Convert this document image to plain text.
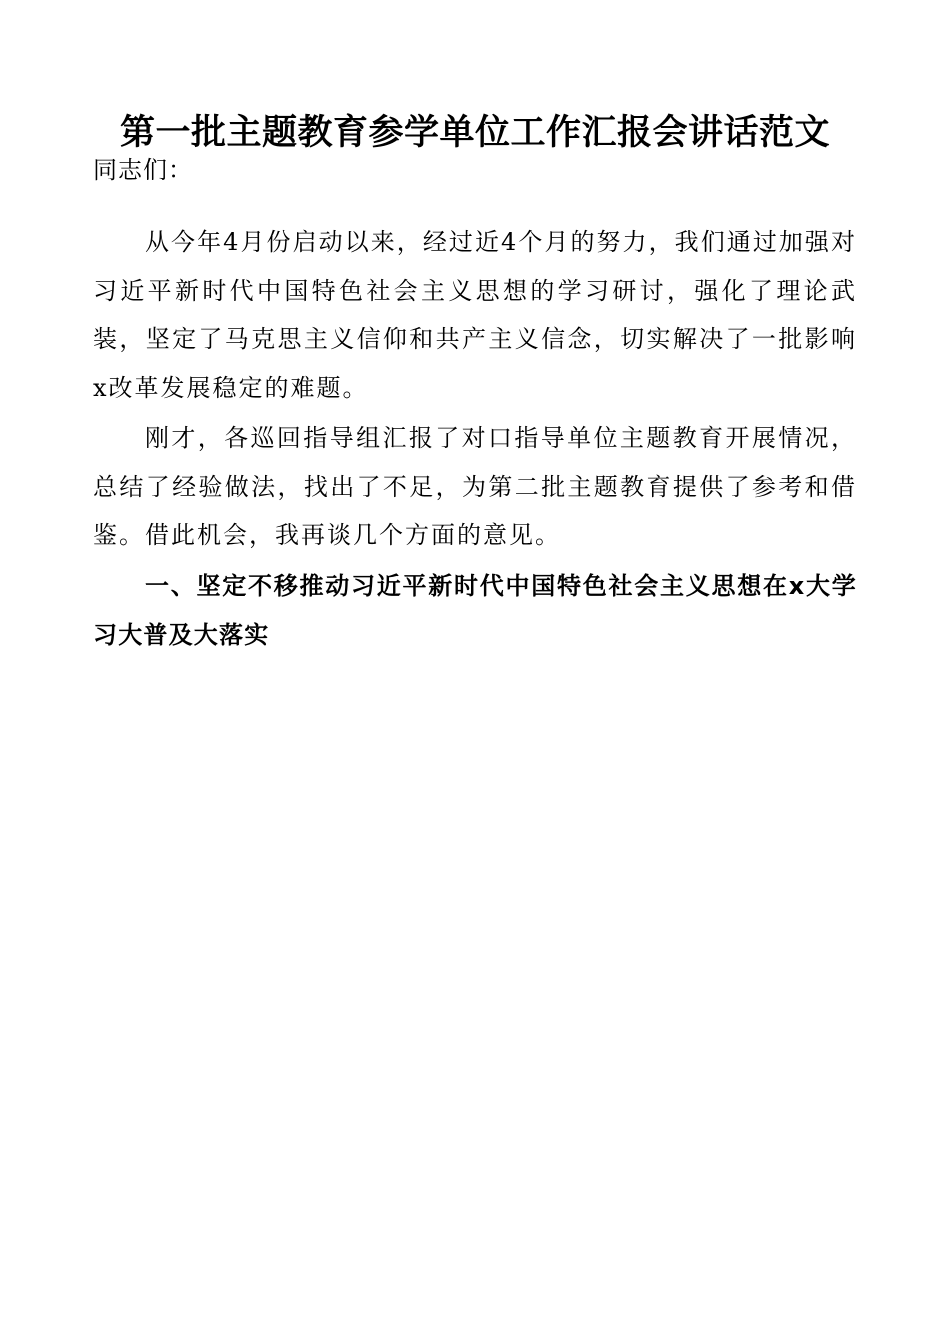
第一批主题教育参学单位工作汇报会讲话范文
同志们：
从今年4月份启动以来，经过近4个月的努力，我们通过加强对习近平新时代中国特色社会主义思想的学习研讨，强化了理论武装，坚定了马克思主义信仰和共产主义信念，切实解决了一批影响x改革发展稳定的难题。
刚才，各巡回指导组汇报了对口指导单位主题教育开展情况，总结了经验做法，找出了不足，为第二批主题教育提供了参考和借鉴。借此机会，我再谈几个方面的意见。
一、坚定不移推动习近平新时代中国特色社会主义思想在x大学习大普及大落实
